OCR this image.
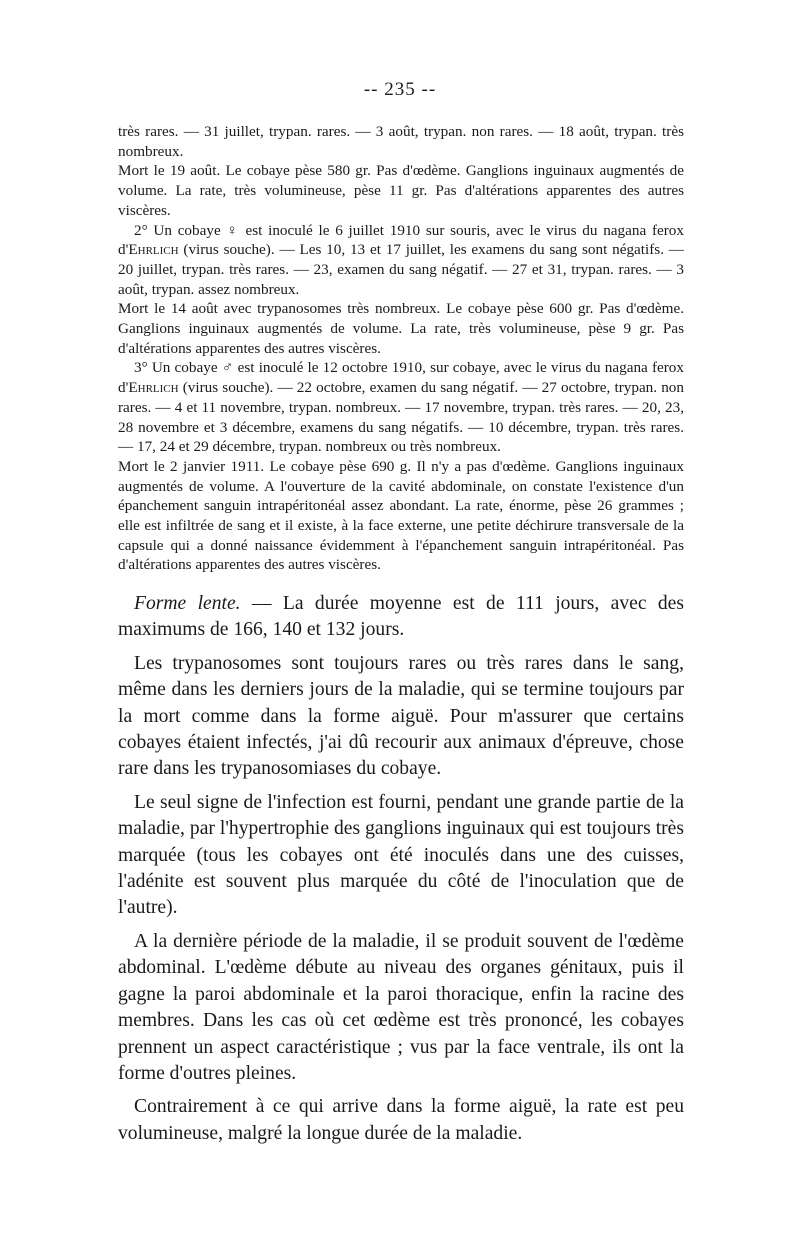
-- 235 --

très rares. — 31 juillet, trypan. rares. — 3 août, trypan. non rares. — 18 août, trypan. très nombreux.

Mort le 19 août. Le cobaye pèse 580 gr. Pas d'œdème. Ganglions inguinaux augmentés de volume. La rate, très volumineuse, pèse 11 gr. Pas d'altérations apparentes des autres viscères.

2° Un cobaye ♀ est inoculé le 6 juillet 1910 sur souris, avec le virus du nagana ferox d'Ehrlich (virus souche). — Les 10, 13 et 17 juillet, les examens du sang sont négatifs. — 20 juillet, trypan. très rares. — 23, examen du sang négatif. — 27 et 31, trypan. rares. — 3 août, trypan. assez nombreux.

Mort le 14 août avec trypanosomes très nombreux. Le cobaye pèse 600 gr. Pas d'œdème. Ganglions inguinaux augmentés de volume. La rate, très volumineuse, pèse 9 gr. Pas d'altérations apparentes des autres viscères.

3° Un cobaye ♂ est inoculé le 12 octobre 1910, sur cobaye, avec le virus du nagana ferox d'Ehrlich (virus souche). — 22 octobre, examen du sang négatif. — 27 octobre, trypan. non rares. — 4 et 11 novembre, trypan. nombreux. — 17 novembre, trypan. très rares. — 20, 23, 28 novembre et 3 décembre, examens du sang négatifs. — 10 décembre, trypan. très rares. — 17, 24 et 29 décembre, trypan. nombreux ou très nombreux.

Mort le 2 janvier 1911. Le cobaye pèse 690 g. Il n'y a pas d'œdème. Ganglions inguinaux augmentés de volume. A l'ouverture de la cavité abdominale, on constate l'existence d'un épanchement sanguin intrapéritonéal assez abondant. La rate, énorme, pèse 26 grammes ; elle est infiltrée de sang et il existe, à la face externe, une petite déchirure transversale de la capsule qui a donné naissance évidemment à l'épanchement sanguin intrapéritonéal. Pas d'altérations apparentes des autres viscères.

Forme lente. — La durée moyenne est de 111 jours, avec des maximums de 166, 140 et 132 jours.

Les trypanosomes sont toujours rares ou très rares dans le sang, même dans les derniers jours de la maladie, qui se termine toujours par la mort comme dans la forme aiguë. Pour m'assurer que certains cobayes étaient infectés, j'ai dû recourir aux animaux d'épreuve, chose rare dans les trypanosomiases du cobaye.

Le seul signe de l'infection est fourni, pendant une grande partie de la maladie, par l'hypertrophie des ganglions inguinaux qui est toujours très marquée (tous les cobayes ont été inoculés dans une des cuisses, l'adénite est souvent plus marquée du côté de l'inoculation que de l'autre).

A la dernière période de la maladie, il se produit souvent de l'œdème abdominal. L'œdème débute au niveau des organes génitaux, puis il gagne la paroi abdominale et la paroi thoracique, enfin la racine des membres. Dans les cas où cet œdème est très prononcé, les cobayes prennent un aspect caractéristique ; vus par la face ventrale, ils ont la forme d'outres pleines.

Contrairement à ce qui arrive dans la forme aiguë, la rate est peu volumineuse, malgré la longue durée de la maladie.
